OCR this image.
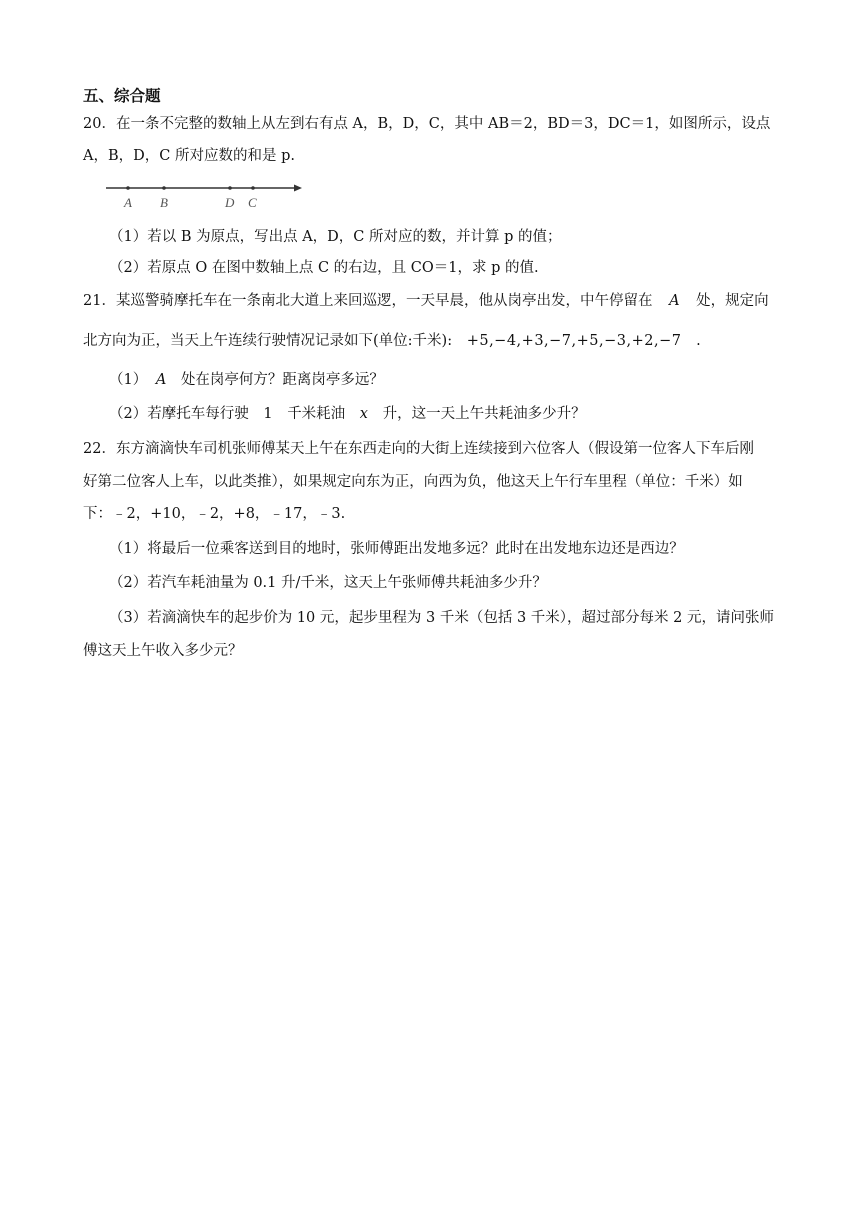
五、综合题
20．在一条不完整的数轴上从左到右有点 A，B，D，C，其中 AB＝2，BD＝3，DC＝1，如图所示，设点
A，B，D，C 所对应数的和是 p.
A B	D C
（1）若以 B 为原点，写出点 A，D，C 所对应的数，并计算 p 的值；
（2）若原点 O 在图中数轴上点 C 的右边，且 CO＝1，求 p 的值.
21．某巡警骑摩托车在一条南北大道上来回巡逻，一天早晨，他从岗亭出发，中午停留在 A 处，规定向
北方向为正，当天上午连续行驶情况记录如下(单位:千米): +5,−4,+3,−7,+5,−3,+2,−7 .
（1） A 处在岗亭何方？距离岗亭多远？
（2）若摩托车每行驶 1 千米耗油 x 升，这一天上午共耗油多少升？
22．东方滴滴快车司机张师傅某天上午在东西走向的大街上连续接到六位客人（假设第一位客人下车后刚
好第二位客人上车，以此类推），如果规定向东为正，向西为负，他这天上午行车里程（单位：千米）如
下：﹣2，+10，﹣2，+8，﹣17，﹣3.
（1）将最后一位乘客送到目的地时，张师傅距出发地多远？此时在出发地东边还是西边？
（2）若汽车耗油量为 0.1 升/千米，这天上午张师傅共耗油多少升？
（3）若滴滴快车的起步价为 10 元，起步里程为 3 千米（包括 3 千米），超过部分每米 2 元，请问张师
傅这天上午收入多少元？
